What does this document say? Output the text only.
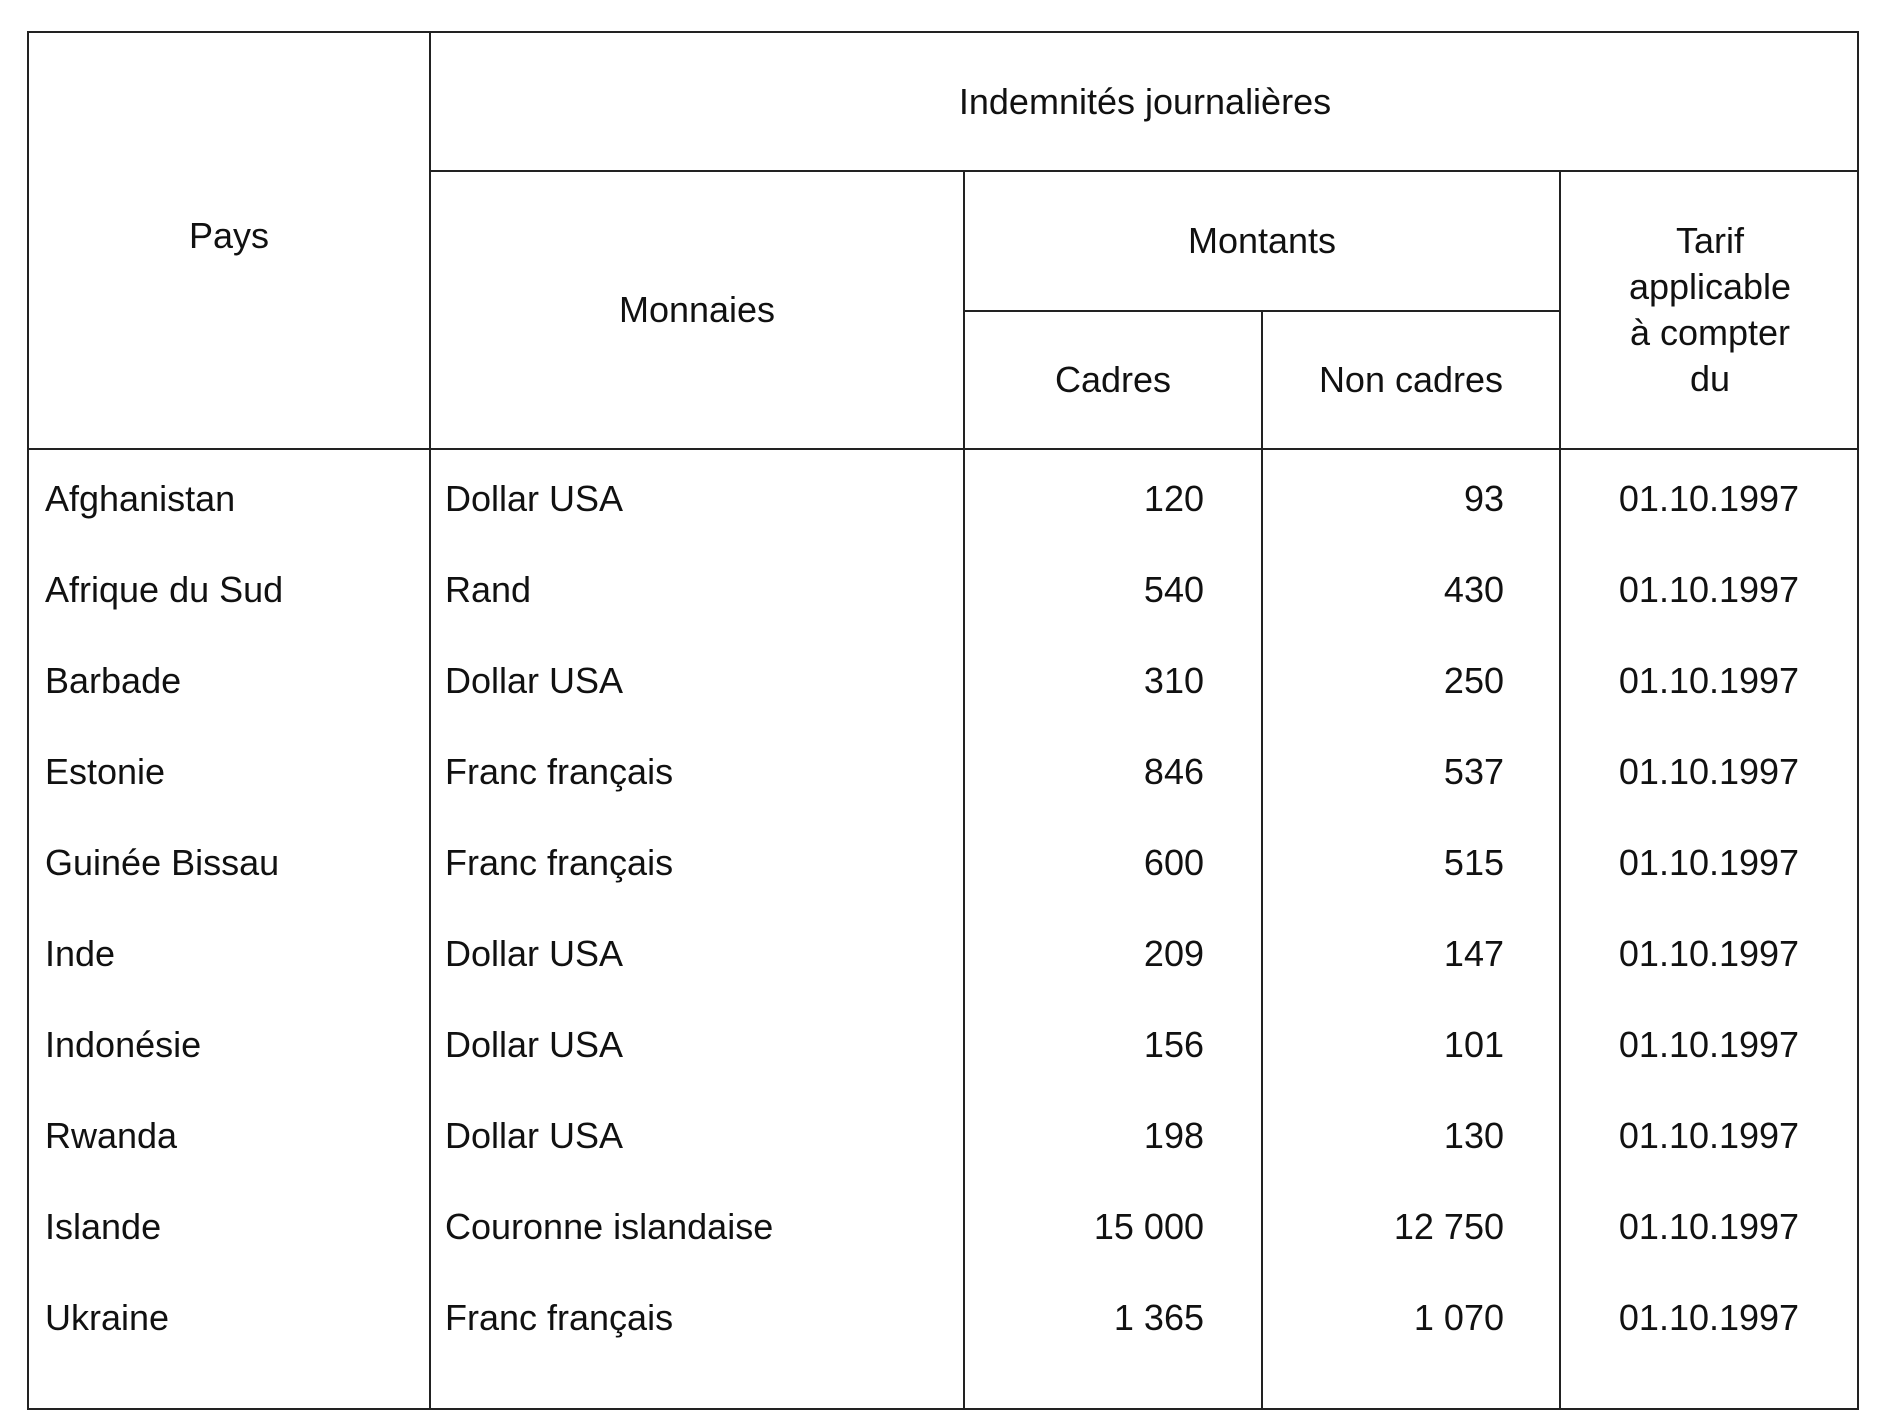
Pays
Indemnités journalières
Monnaies
Montants
Cadres	Non cadres
Tarif
applicable
à compter
du
Afghanistan	Dollar USA	120	93	01.10.1997
Afrique du Sud	Rand	540	430	01.10.1997
Barbade	Dollar USA	310	250	01.10.1997
Estonie	Franc français	846	537	01.10.1997
Guinée Bissau	Franc français	600	515	01.10.1997
Inde	Dollar USA	209	147	01.10.1997
Indonésie	Dollar USA	156	101	01.10.1997
Rwanda	Dollar USA	198	130	01.10.1997
Islande	Couronne islandaise	15 000	12 750	01.10.1997
Ukraine	Franc français	1 365	1 070	01.10.1997
